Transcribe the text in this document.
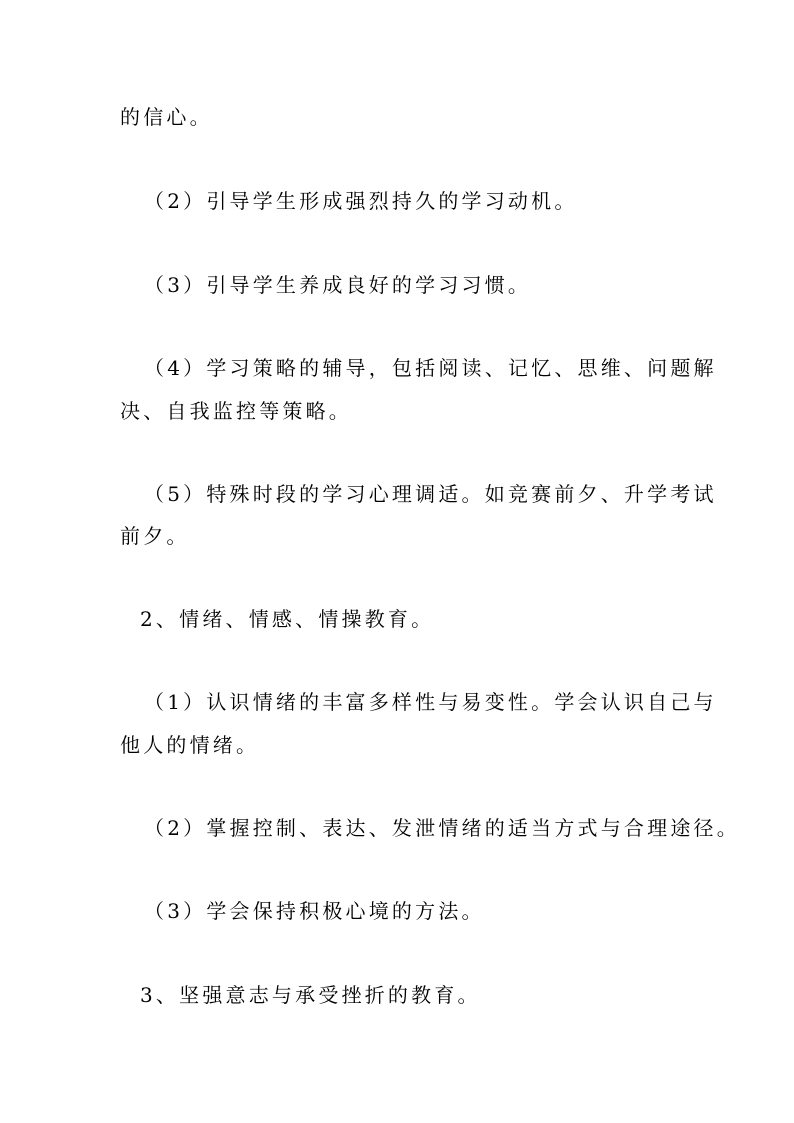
的信心。
（2）引导学生形成强烈持久的学习动机。
（3）引导学生养成良好的学习习惯。
（4）学习策略的辅导，包括阅读、记忆、思维、问题解
决、自我监控等策略。
（5）特殊时段的学习心理调适。如竞赛前夕、升学考试
前夕。
2、情绪、情感、情操教育。
（1）认识情绪的丰富多样性与易变性。学会认识自己与
他人的情绪。
（2）掌握控制、表达、发泄情绪的适当方式与合理途径。
（3）学会保持积极心境的方法。
3、坚强意志与承受挫折的教育。
